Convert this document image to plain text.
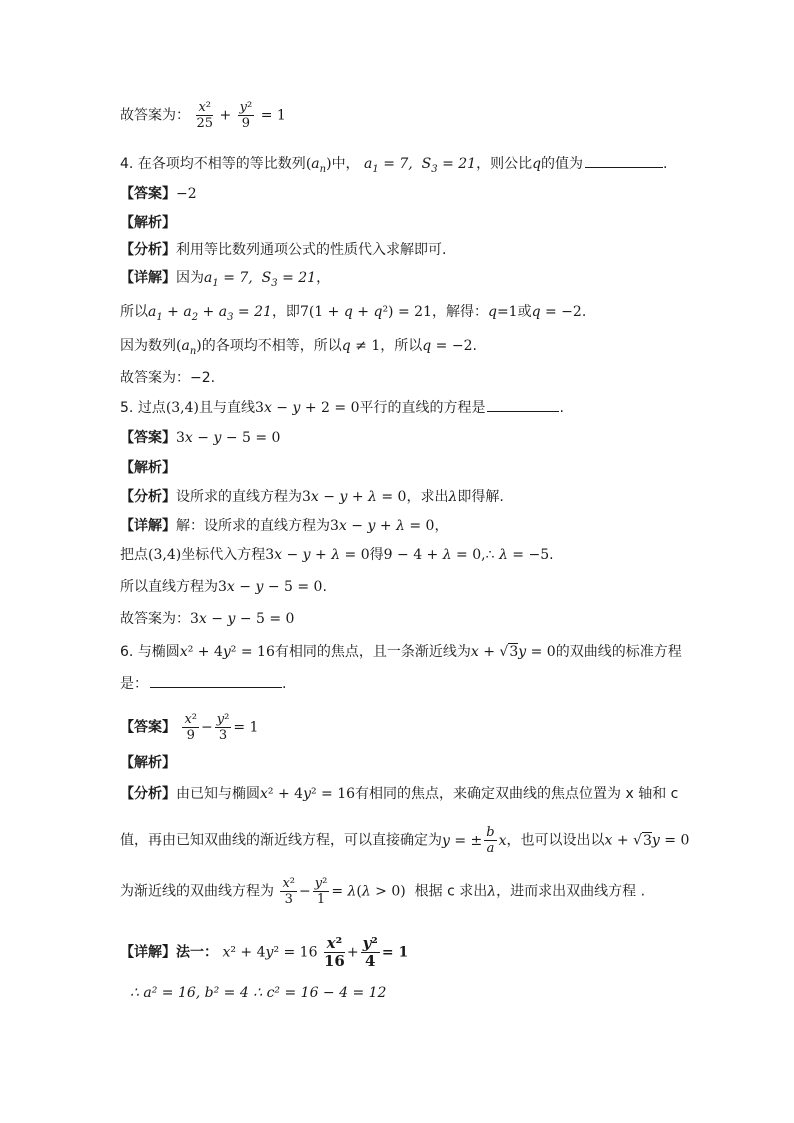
故答案为： $\frac{\text{x²}}{25} + \frac{\text{y²}}{9} = 1$
4. 在各项均不相等的等比数列$(a_n)$中， $a_1 = 7$, $S_3 = 21$，则公比q的值为	.
【答案】−2
【解析】
【分析】利用等比数列通项公式的性质代入求解即可.
【详解】因为$a_1 = 7$, $S_3 = 21$，
所以$a_1 + a_2 + a_3 = 21$，即7(1 + q + q²) = 21，解得：q=1或q = −2.
因为数列$(a_n)$的各项均不相等，所以q ≠ 1，所以q = −2.
故答案为：−2.
5. 过点(3,4)且与直线3x − y + 2 = 0平行的直线的方程是	.
【答案】3x − y − 5 = 0
【解析】
【分析】设所求的直线方程为3x − y + λ = 0，求出λ即得解.
【详解】解：设所求的直线方程为3x − y + λ = 0，
把点(3,4)坐标代入方程3x − y + λ = 0得9 − 4 + λ = 0,∴ λ = −5.
所以直线方程为3x − y − 5 = 0.
故答案为：3x − y − 5 = 0
6. 与椭圆x² + 4y² = 16有相同的焦点，且一条渐近线为x + √3y = 0的双曲线的标准方程
是：	.
【答案】 $\frac{\text{x²}}{9} - \frac{\text{y²}}{3} = 1$
【解析】
【分析】由已知与椭圆x² + 4y² = 16有相同的焦点，来确定双曲线的焦点位置为 x 轴和 c
值，再由已知双曲线的渐近线方程，可以直接确定为y = ± $\frac{b}{a}$ x，也可以设出以x + √3y = 0
为渐近线的双曲线方程为 $\frac{\text{x²}}{3} - \frac{\text{y²}}{1} = \lambda(\lambda > 0)$ 根据 c 求出λ，进而求出双曲线方程 .
【详解】法一： $x^2 + 4y^2 = 16 \frac{\text{x²}}{16} + \frac{\text{y²}}{4} = 1$
∴ a² = 16, b² = 4 ∴ c² = 16 − 4 = 12
